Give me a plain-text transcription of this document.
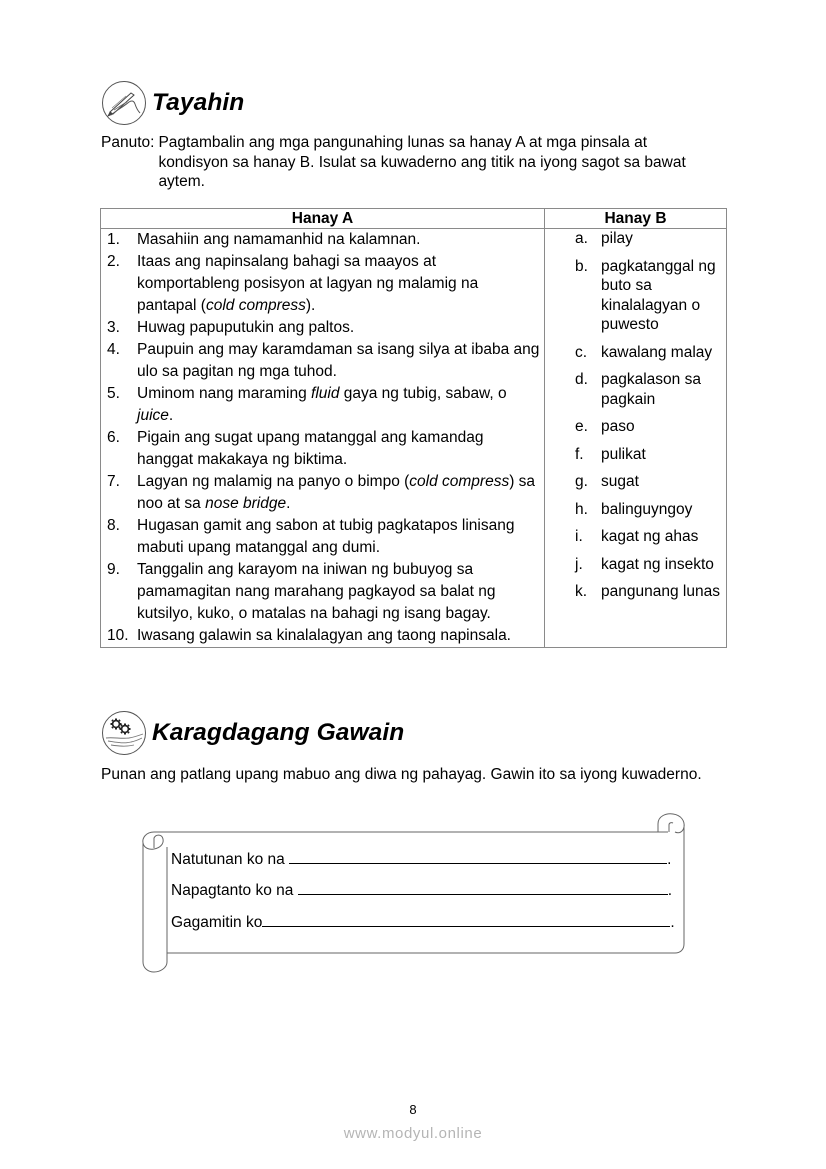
Tayahin
Panuto: Pagtambalin ang mga pangunahing lunas sa hanay A at mga pinsala at kondisyon sa hanay B. Isulat sa kuwaderno ang titik na iyong sagot sa bawat aytem.
Hanay A	Hanay B

1.	Masahiin ang namamanhid na kalamnan.
2.	Itaas ang napinsalang bahagi sa maayos at komportableng posisyon at lagyan ng malamig na pantapal (cold compress).
3.	Huwag papuputukin ang paltos.
4.	Paupuin ang may karamdaman sa isang silya at ibaba ang ulo sa pagitan ng mga tuhod.
5.	Uminom nang maraming fluid gaya ng tubig, sabaw, o juice.
6.	Pigain ang sugat upang matanggal ang kamandag hanggat makakaya ng biktima.
7.	Lagyan ng malamig na panyo o bimpo (cold compress) sa noo at sa nose bridge.
8.	Hugasan gamit ang sabon at tubig pagkatapos linisang mabuti upang matanggal ang dumi.
9.	Tanggalin ang karayom na iniwan ng bubuyog sa pamamagitan nang marahang pagkayod sa balat ng kutsilyo, kuko, o matalas na bahagi ng isang bagay.
10. Iwasang galawin sa kinalalagyan ang taong napinsala.

a. pilay
b. pagkatanggal ng buto sa kinalalagyan o puwesto
c. kawalang malay
d. pagkalason sa pagkain
e. paso
f.	pulikat
g. sugat
h. balinguyngoy
i.	kagat ng ahas
j.	kagat ng insekto
k. pangunang lunas
Karagdagang Gawain
Punan ang patlang upang mabuo ang diwa ng pahayag. Gawin ito sa iyong kuwaderno.
Natutunan ko na	.
Napagtanto ko na	.
Gagamitin ko	.
8
www.modyul.online
